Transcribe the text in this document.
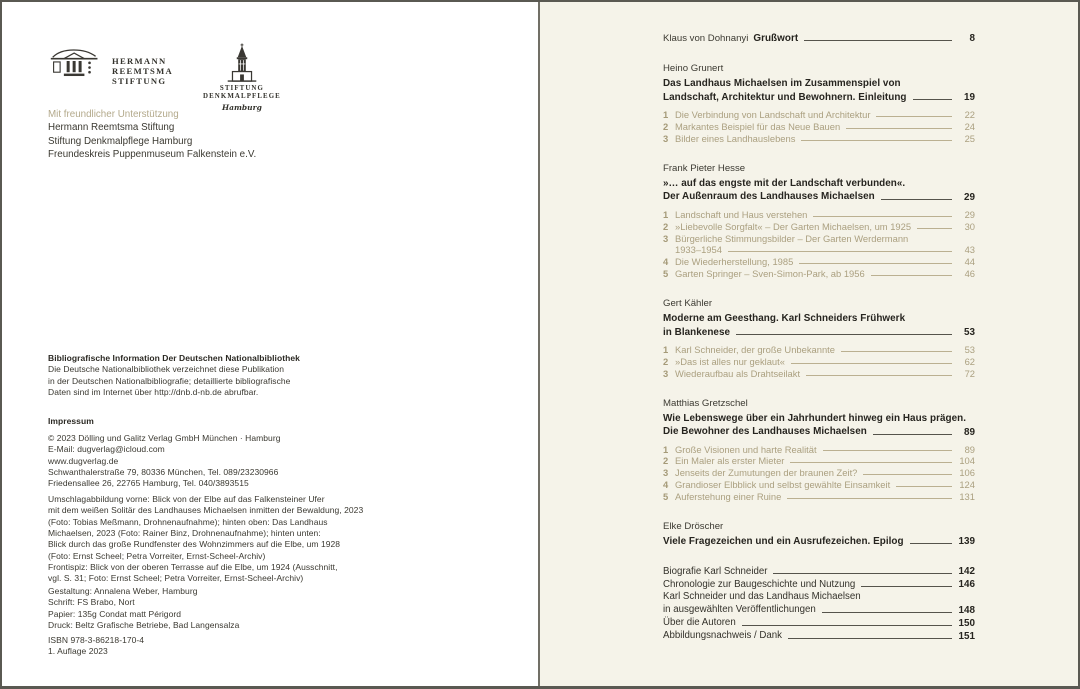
HERMANN
REEMTSMA
STIFTUNG
STIFTUNG
DENKMALPFLEGE
Hamburg
Mit freundlicher Unterstützung
Hermann Reemtsma Stiftung
Stiftung Denkmalpflege Hamburg
Freundeskreis Puppenmuseum Falkenstein e.V.
Bibliografische Information Der Deutschen Nationalbibliothek
Die Deutsche Nationalbibliothek verzeichnet diese Publikation
in der Deutschen Nationalbibliografie; detaillierte bibliografische
Daten sind im Internet über http://dnb.d-nb.de abrufbar.
Impressum
© 2023 Dölling und Galitz Verlag GmbH München · Hamburg
E-Mail: dugverlag@icloud.com
www.dugverlag.de
Schwanthalerstraße 79, 80336 München, Tel. 089/23230966
Friedensallee 26, 22765 Hamburg, Tel. 040/3893515
Umschlagabbildung vorne: Blick von der Elbe auf das Falkensteiner Ufer
mit dem weißen Solitär des Landhauses Michaelsen inmitten der Bewaldung, 2023
(Foto: Tobias Meßmann, Drohnenaufnahme); hinten oben: Das Landhaus
Michaelsen, 2023 (Foto: Rainer Binz, Drohnenaufnahme); hinten unten:
Blick durch das große Rundfenster des Wohnzimmers auf die Elbe, um 1928
(Foto: Ernst Scheel; Petra Vorreiter, Ernst-Scheel-Archiv)
Frontispiz: Blick von der oberen Terrasse auf die Elbe, um 1924 (Ausschnitt,
vgl. S. 31; Foto: Ernst Scheel; Petra Vorreiter, Ernst-Scheel-Archiv)
Gestaltung: Annalena Weber, Hamburg
Schrift: FS Brabo, Nort
Papier: 135g Condat matt Périgord
Druck: Beltz Grafische Betriebe, Bad Langensalza
ISBN 978-3-86218-170-4
1. Auflage 2023
Klaus von Dohnanyi Grußwort	8
Heino Grunert
Das Landhaus Michaelsen im Zusammenspiel von
Landschaft, Architektur und Bewohnern. Einleitung	19
1 Die Verbindung von Landschaft und Architektur	22
2 Markantes Beispiel für das Neue Bauen	24
3 Bilder eines Landhauslebens	25
Frank Pieter Hesse
»… auf das engste mit der Landschaft verbunden«.
Der Außenraum des Landhauses Michaelsen	29
1 Landschaft und Haus verstehen	29
2 »Liebevolle Sorgfalt« – Der Garten Michaelsen, um 1925	30
3 Bürgerliche Stimmungsbilder – Der Garten Werdermann
1933–1954	43
4 Die Wiederherstellung, 1985	44
5 Garten Springer – Sven-Simon-Park, ab 1956	46
Gert Kähler
Moderne am Geesthang. Karl Schneiders Frühwerk
in Blankenese	53
1 Karl Schneider, der große Unbekannte	53
2 »Das ist alles nur geklaut«	62
3 Wiederaufbau als Drahtseilakt	72
Matthias Gretzschel
Wie Lebenswege über ein Jahrhundert hinweg ein Haus prägen.
Die Bewohner des Landhauses Michaelsen	89
1 Große Visionen und harte Realität	89
2 Ein Maler als erster Mieter	104
3 Jenseits der Zumutungen der braunen Zeit?	106
4 Grandioser Elbblick und selbst gewählte Einsamkeit	124
5 Auferstehung einer Ruine	131
Elke Dröscher
Viele Fragezeichen und ein Ausrufezeichen. Epilog	139
Biografie Karl Schneider	142
Chronologie zur Baugeschichte und Nutzung	146
Karl Schneider und das Landhaus Michaelsen
in ausgewählten Veröffentlichungen	148
Über die Autoren	150
Abbildungsnachweis / Dank	151
